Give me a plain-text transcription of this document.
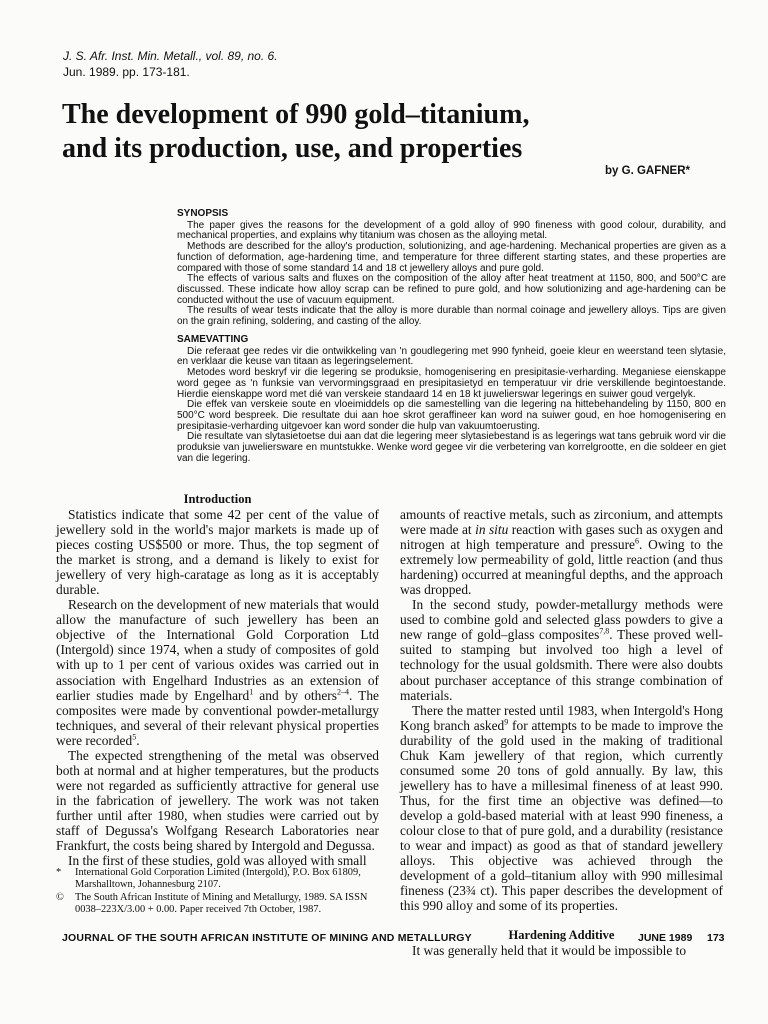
J. S. Afr. Inst. Min. Metall., vol. 89, no. 6.
Jun. 1989. pp. 173-181.
The development of 990 gold–titanium,
and its production, use, and properties
by G. GAFNER*
SYNOPSIS

The paper gives the reasons for the development of a gold alloy of 990 fineness with good colour, durability, and mechanical properties, and explains why titanium was chosen as the alloying metal.

Methods are described for the alloy's production, solutionizing, and age-hardening. Mechanical properties are given as a function of deformation, age-hardening time, and temperature for three different starting states, and these properties are compared with those of some standard 14 and 18 ct jewellery alloys and pure gold.

The effects of various salts and fluxes on the composition of the alloy after heat treatment at 1150, 800, and 500°C are discussed. These indicate how alloy scrap can be refined to pure gold, and how solutionizing and age-hardening can be conducted without the use of vacuum equipment.

The results of wear tests indicate that the alloy is more durable than normal coinage and jewellery alloys. Tips are given on the grain refining, soldering, and casting of the alloy.

SAMEVATTING

Die referaat gee redes vir die ontwikkeling van 'n goudlegering met 990 fynheid, goeie kleur en weerstand teen slytasie, en verklaar die keuse van titaan as legeringselement.

Metodes word beskryf vir die legering se produksie, homogenisering en presipitasie-verharding. Meganiese eienskappe word gegee as 'n funksie van vervormingsgraad en presipitasietyd en temperatuur vir drie verskillende begintoestande. Hierdie eienskappe word met dié van verskeie standaard 14 en 18 kt juwelierswar legerings en suiwer goud vergelyk.

Die effek van verskeie soute en vloeimiddels op die samestelling van die legering na hittebehandeling by 1150, 800 en 500°C word bespreek. Die resultate dui aan hoe skrot geraffineer kan word na suiwer goud, en hoe homogenisering en presipitasie-verharding uitgevoer kan word sonder die hulp van vakuumtoerusting.

Die resultate van slytasietoetse dui aan dat die legering meer slytasiebestand is as legerings wat tans gebruik word vir die produksie van juweliersware en muntstukke. Wenke word gegee vir die verbetering van korrelgrootte, en die soldeer en giet van die legering.

Introduction

Statistics indicate that some 42 per cent of the value of jewellery sold in the world's major markets is made up of pieces costing US$500 or more. Thus, the top segment of the market is strong, and a demand is likely to exist for jewellery of very high-caratage as long as it is acceptably durable.

Research on the development of new materials that would allow the manufacture of such jewellery has been an objective of the International Gold Corporation Ltd (Intergold) since 1974, when a study of composites of gold with up to 1 per cent of various oxides was carried out in association with Engelhard Industries as an extension of earlier studies made by Engelhard$^1$ and by others$^{2-4}$. The composites were made by conventional powder-metallurgy techniques, and several of their relevant physical properties were recorded$^5$.

The expected strengthening of the metal was observed both at normal and at higher temperatures, but the products were not regarded as sufficiently attractive for general use in the fabrication of jewellery. The work was not taken further until after 1980, when studies were carried out by staff of Degussa's Wolfgang Research Laboratories near Frankfurt, the costs being shared by Intergold and Degussa.

In the first of these studies, gold was alloyed with small

amounts of reactive metals, such as zirconium, and attempts were made at in situ reaction with gases such as oxygen and nitrogen at high temperature and pressure$^6$. Owing to the extremely low permeability of gold, little reaction (and thus hardening) occurred at meaningful depths, and the approach was dropped.

In the second study, powder-metallurgy methods were used to combine gold and selected glass powders to give a new range of gold–glass composites$^{7,8}$. These proved well-suited to stamping but involved too high a level of technology for the usual goldsmith. There were also doubts about purchaser acceptance of this strange combination of materials.

There the matter rested until 1983, when Intergold's Hong Kong branch asked$^9$ for attempts to be made to improve the durability of the gold used in the making of traditional Chuk Kam jewellery of that region, which currently consumed some 20 tons of gold annually. By law, this jewellery has to have a millesimal fineness of at least 990. Thus, for the first time an objective was defined—to develop a gold-based material with at least 990 fineness, a colour close to that of pure gold, and a durability (resistance to wear and impact) as good as that of standard jewellery alloys. This objective was achieved through the development of a gold–titanium alloy with 990 millesimal fineness (23¾ ct). This paper describes the development of this 990 alloy and some of its properties.

Hardening Additive

It was generally held that it would be impossible to

* International Gold Corporation Limited (Intergold), P.O. Box 61809, Marshalltown, Johannesburg 2107.
© The South African Institute of Mining and Metallurgy, 1989. SA ISSN 0038–223X/3.00 + 0.00. Paper received 7th October, 1987.
JOURNAL OF THE SOUTH AFRICAN INSTITUTE OF MINING AND METALLURGY	JUNE 1989 173
